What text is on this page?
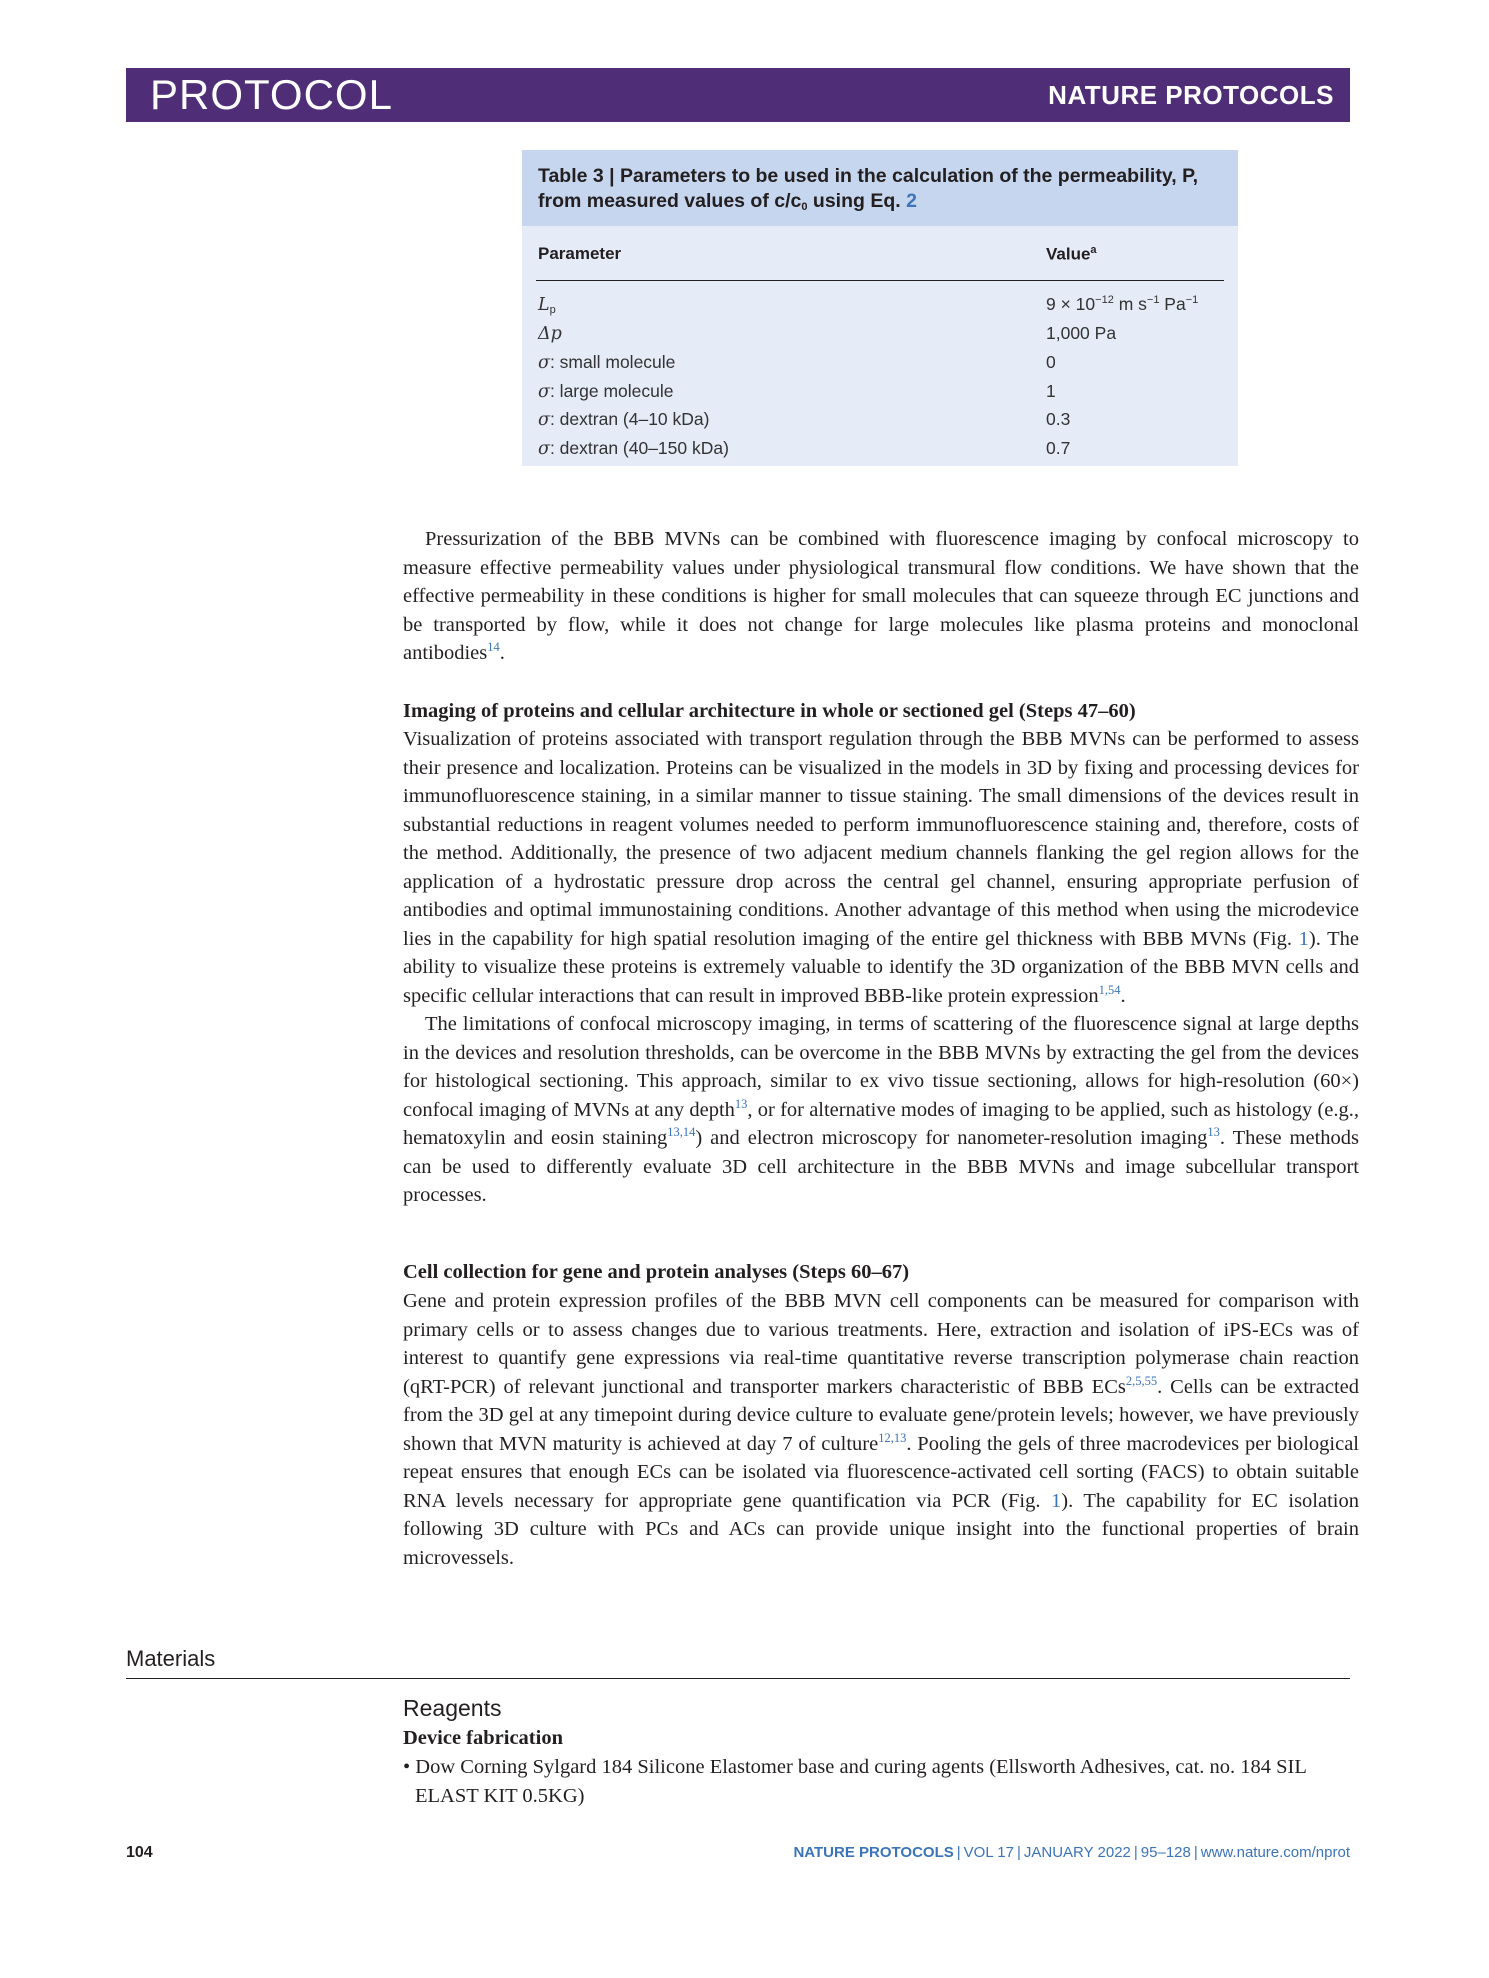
PROTOCOL	NATURE PROTOCOLS
Table 3 | Parameters to be used in the calculation of the permeability, P,
from measured values of $c/c_0$ using Eq. 2
Parameter	Value$^a$
$L_p$	$9 \times 10^{-12}$ m $s^{-1}$ $Pa^{-1}$
Δp	1,000 Pa
σ: small molecule	0
σ: large molecule	1
σ: dextran (4–10 kDa)	0.3
σ: dextran (40–150 kDa)	0.7

Pressurization of the BBB MVNs can be combined with fluorescence imaging by confocal microscopy to measure effective permeability values under physiological transmural flow conditions. We have shown that the effective permeability in these conditions is higher for small molecules that can squeeze through EC junctions and be transported by flow, while it does not change for large molecules like plasma proteins and monoclonal antibodies$^{14}$.

Imaging of proteins and cellular architecture in whole or sectioned gel (Steps 47–60)

Visualization of proteins associated with transport regulation through the BBB MVNs can be performed to assess their presence and localization. Proteins can be visualized in the models in 3D by fixing and processing devices for immunofluorescence staining, in a similar manner to tissue staining. The small dimensions of the devices result in substantial reductions in reagent volumes needed to perform immunofluorescence staining and, therefore, costs of the method. Additionally, the presence of two adjacent medium channels flanking the gel region allows for the application of a hydrostatic pressure drop across the central gel channel, ensuring appropriate perfusion of antibodies and optimal immunostaining conditions. Another advantage of this method when using the microdevice lies in the capability for high spatial resolution imaging of the entire gel thickness with BBB MVNs (Fig. 1). The ability to visualize these proteins is extremely valuable to identify the 3D organization of the BBB MVN cells and specific cellular interactions that can result in improved BBB-like protein expression$^{1,54}$.

The limitations of confocal microscopy imaging, in terms of scattering of the fluorescence signal at large depths in the devices and resolution thresholds, can be overcome in the BBB MVNs by extracting the gel from the devices for histological sectioning. This approach, similar to ex vivo tissue sectioning, allows for high-resolution (60×) confocal imaging of MVNs at any depth$^{13}$, or for alternative modes of imaging to be applied, such as histology (e.g., hematoxylin and eosin staining$^{13,14}$) and electron microscopy for nanometer-resolution imaging$^{13}$. These methods can be used to differently evaluate 3D cell architecture in the BBB MVNs and image subcellular transport processes.

Cell collection for gene and protein analyses (Steps 60–67)

Gene and protein expression profiles of the BBB MVN cell components can be measured for comparison with primary cells or to assess changes due to various treatments. Here, extraction and isolation of iPS-ECs was of interest to quantify gene expressions via real-time quantitative reverse transcription polymerase chain reaction (qRT-PCR) of relevant junctional and transporter markers characteristic of BBB ECs$^{2,5,55}$. Cells can be extracted from the 3D gel at any timepoint during device culture to evaluate gene/protein levels; however, we have previously shown that MVN maturity is achieved at day 7 of culture$^{12,13}$. Pooling the gels of three macrodevices per biological repeat ensures that enough ECs can be isolated via fluorescence-activated cell sorting (FACS) to obtain suitable RNA levels necessary for appropriate gene quantification via PCR (Fig. 1). The capability for EC isolation following 3D culture with PCs and ACs can provide unique insight into the functional properties of brain microvessels.

Materials
Reagents
Device fabrication
• Dow Corning Sylgard 184 Silicone Elastomer base and curing agents (Ellsworth Adhesives, cat. no. 184 SIL ELAST KIT 0.5KG)
104	NATURE PROTOCOLS | VOL 17 | JANUARY 2022 | 95–128 | www.nature.com/nprot
